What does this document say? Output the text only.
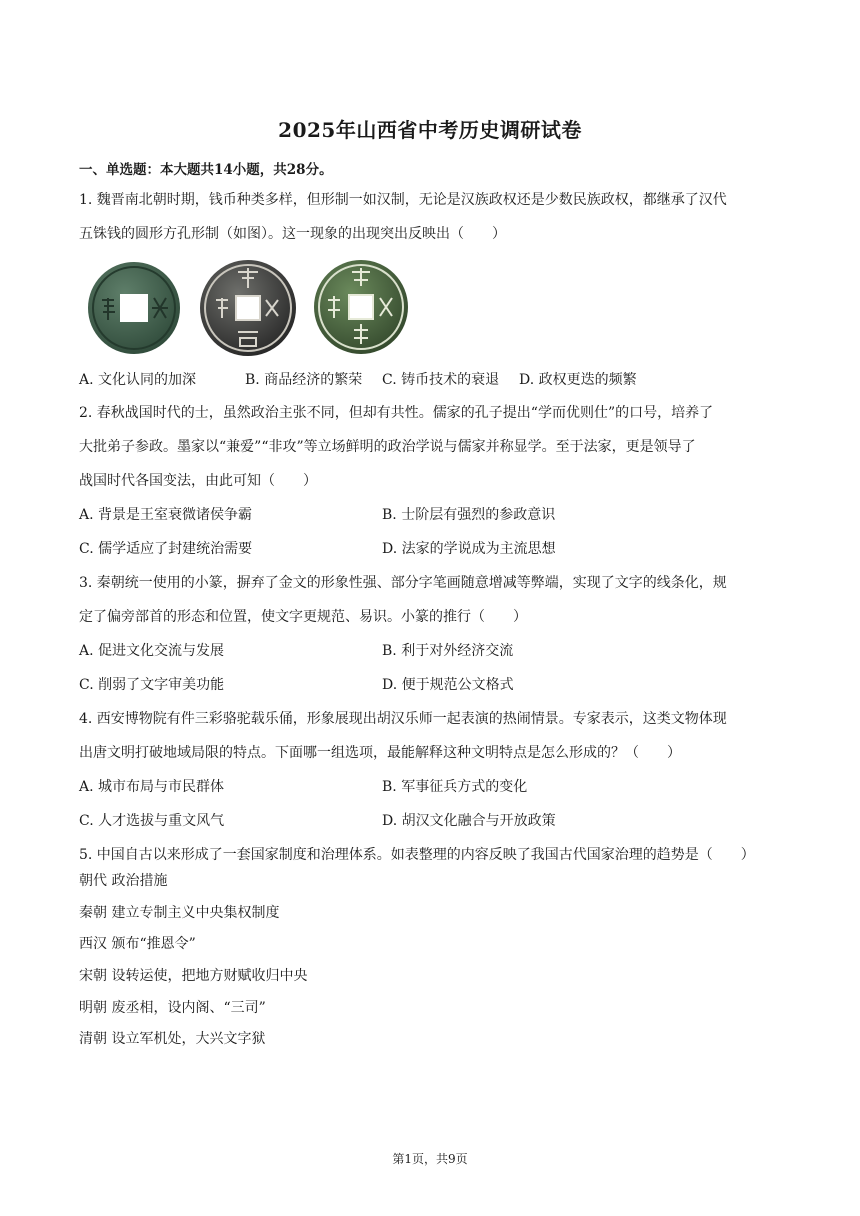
2025年山西省中考历史调研试卷
一、单选题：本大题共14小题，共28分。
1. 魏晋南北朝时期，钱币种类多样，但形制一如汉制，无论是汉族政权还是少数民族政权，都继承了汉代
五铢钱的圆形方孔形制（如图）。这一现象的出现突出反映出（　　）
A. 文化认同的加深	B. 商品经济的繁荣 C. 铸币技术的衰退 D. 政权更迭的频繁
2. 春秋战国时代的士，虽然政治主张不同，但却有共性。儒家的孔子提出“学而优则仕”的口号，培养了
大批弟子参政。墨家以“兼爱”“非攻”等立场鲜明的政治学说与儒家并称显学。至于法家，更是领导了
战国时代各国变法，由此可知（　　）
A. 背景是王室衰微诸侯争霸	B. 士阶层有强烈的参政意识
C. 儒学适应了封建统治需要	D. 法家的学说成为主流思想
3. 秦朝统一使用的小篆，摒弃了金文的形象性强、部分字笔画随意增减等弊端，实现了文字的线条化，规
定了偏旁部首的形态和位置，使文字更规范、易识。小篆的推行（　　）
A. 促进文化交流与发展	B. 利于对外经济交流
C. 削弱了文字审美功能	D. 便于规范公文格式
4. 西安博物院有件三彩骆驼载乐俑，形象展现出胡汉乐师一起表演的热闹情景。专家表示，这类文物体现
出唐文明打破地域局限的特点。下面哪一组选项，最能解释这种文明特点是怎么形成的？（　　）
A. 城市布局与市民群体	B. 军事征兵方式的变化
C. 人才选拔与重文风气	D. 胡汉文化融合与开放政策
5. 中国自古以来形成了一套国家制度和治理体系。如表整理的内容反映了我国古代国家治理的趋势是（　　）
朝代 政治措施
秦朝 建立专制主义中央集权制度
西汉 颁布“推恩令”
宋朝 设转运使，把地方财赋收归中央
明朝 废丞相，设内阁、“三司”
清朝 设立军机处，大兴文字狱
第1页，共9页
